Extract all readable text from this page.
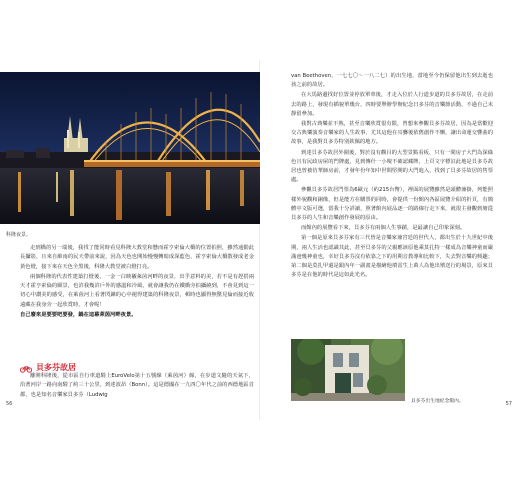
科隆夜景。

走到橋的另一端後，我找了能同時看見科隆大教堂和懸而霍亨索倫大橋的位置拍照，雖然通勤此長攝影，且來自維南的民天帶前來說，因為天色也開始慢慢轉暗成深藍色，霍亨索倫大橋散發成老金黃色燈，接下來在天色全黑後，科隆大教堂被白燈打亮。

兩個科隆的代表性建築打燈後，一金一白映襯萊茵河畔的夜景，出乎意料的美，若不是有趕搭兩天才霍亨索倫的願景，也許我幾許戶外的感溫和冷風，就會讓我仍在鐵橋旁拍攝繞到，不會見到這一切心中讚美的感受，在萊茵河上看著閃鍊的心中褪得建築的科隆夜景，頓時也顯得無驚見倫而接近收遠藏在我身旁一起欣賞時，才會呢！

自己廢來是要要吧要發，鍋在這幕萊茵河畔夜景。

貝多芬故居

離開科隆後，從市區自行車道騎上EuroVelo第十五號線（萊茵河）線，在步道文隨的天氣下，沿著河岸一路向南騎了約三十公里，到達波昂（Bonn）。這是德國在一九四〇年代之前的西德地區首都，也是知名音樂家貝多芬（Ludwig

56

van Beethoven，一七七〇～一八二七）的出生地，當地至今仍保留他出生到去逝也孩之前的故居。

在大馬路邊找好位置並停放單車後，才走入位於人行道步道的貝多芬故居，在走前去的路上，發現有插貌單幾台，四時要舉辦學辦紀念日多芬的音樂節活動，不過自己末靜留參加。

我對古典樂並不熟，甚至音樂欣賞很有限，曾想來參觀貝多芬故居，因為是當歡迎交古典樂演奏音樂家的人生故事，尤其這他在耳聾後依舊創作不懈，讓出命運交響曲的故事，是我對貝多芬特別欽佩的地方。

到達貝多芬故居外圍後，對於沒有觀目的大型景點看板，只有一間房子大門為深綠色且有民政房屋的門牌處，見到傳什一小塊不確認藏牌，上頁文字標註此地是貝多芬故居也曾被仿華師房前，才發年份年知中世間堅開的大門進入，找到了貝多芬故居的售票處。

參觀貝多芬故居門票為6歐元（約215台幣），裡面的展覽雖然是頭體兼掛，列能照樣外貌觀和銅像，但是能方在購票的同時，會提供一份館內各區展覽介紹的折頁，有簡體中文版可選，當我十分詳讀，照著館內展品逐一的路線行走下來，就很主發觀到塘從貝多芬的人生和音樂創作發展的原由。

而館內的展覽看下來，貝多芬有兩個人生事蹟，是最讓自己印象深刻。

第一個是原來貝多芬家有三代皆是音樂家兼宮廷的世代人，都出生於十九世紀中後期，兩人生活也認識其此，甚至貝多芬的父親應該原他乘莫扎特一樣成為音樂神童而嚴滿爸幾神童也，幸好貝多芬沒有依靠之下的用期音教導和比較下，失去對音樂的興趣；第二個是莫扎甲還是跟內年一副畫是描繪他墳雷生上萬人為他出殯送行的場景，原來貝多芬是在他的時代是這如此光名。

貝多芬出生地紀念館內。	57
